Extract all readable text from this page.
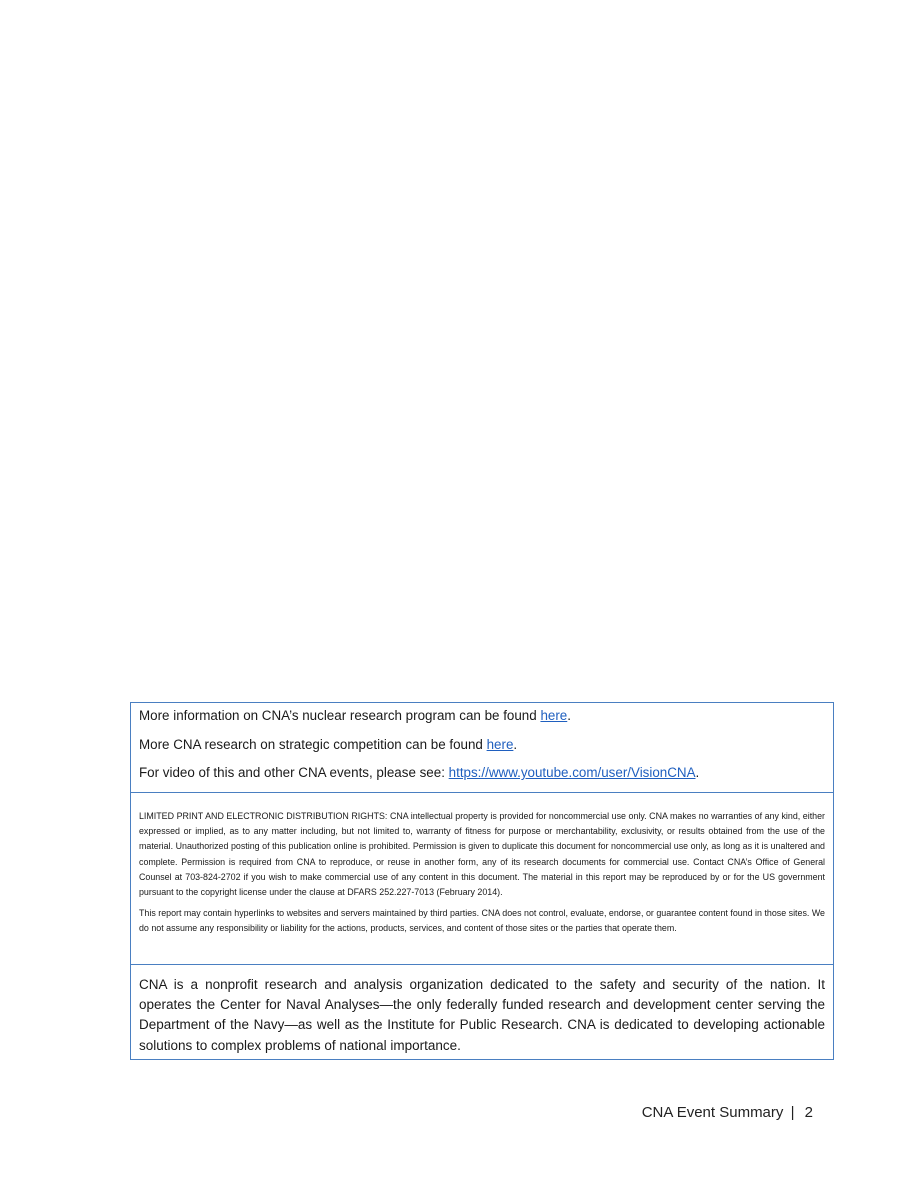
More information on CNA’s nuclear research program can be found here.

More CNA research on strategic competition can be found here.

For video of this and other CNA events, please see: https://www.youtube.com/user/VisionCNA.

LIMITED PRINT AND ELECTRONIC DISTRIBUTION RIGHTS: CNA intellectual property is provided for noncommercial use only. CNA makes no warranties of any kind, either expressed or implied, as to any matter including, but not limited to, warranty of fitness for purpose or merchantability, exclusivity, or results obtained from the use of the material. Unauthorized posting of this publication online is prohibited. Permission is given to duplicate this document for noncommercial use only, as long as it is unaltered and complete. Permission is required from CNA to reproduce, or reuse in another form, any of its research documents for commercial use. Contact CNA’s Office of General Counsel at 703-824-2702 if you wish to make commercial use of any content in this document. The material in this report may be reproduced by or for the US government pursuant to the copyright license under the clause at DFARS 252.227-7013 (February 2014).

This report may contain hyperlinks to websites and servers maintained by third parties. CNA does not control, evaluate, endorse, or guarantee content found in those sites. We do not assume any responsibility or liability for the actions, products, services, and content of those sites or the parties that operate them.

CNA is a nonprofit research and analysis organization dedicated to the safety and security of the nation. It operates the Center for Naval Analyses—the only federally funded research and development center serving the Department of the Navy—as well as the Institute for Public Research. CNA is dedicated to developing actionable solutions to complex problems of national importance.

CNA Event Summary | 2
